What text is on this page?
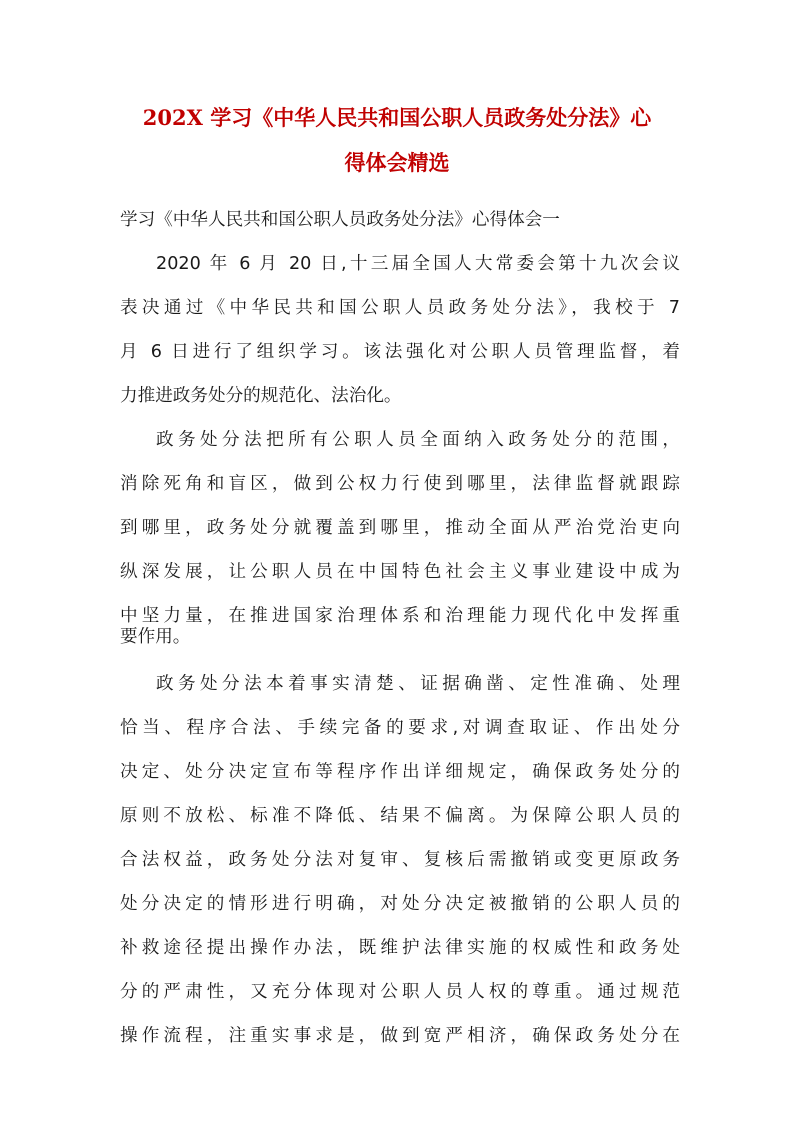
202X 学习《中华人民共和国公职人员政务处分法》心
得体会精选

学习《中华人民共和国公职人员政务处分法》心得体会一

2020 年 6 月 20 日,十三届全国人大常委会第十九次会议

表决通过《中华民共和国公职人员政务处分法》，我校于 7

月 6 日进行了组织学习。该法强化对公职人员管理监督，着

力推进政务处分的规范化、法治化。

政务处分法把所有公职人员全面纳入政务处分的范围，

消除死角和盲区，做到公权力行使到哪里，法律监督就跟踪

到哪里，政务处分就覆盖到哪里，推动全面从严治党治吏向

纵深发展，让公职人员在中国特色社会主义事业建设中成为

中坚力量，在推进国家治理体系和治理能力现代化中发挥重

要作用。

政务处分法本着事实清楚、证据确凿、定性准确、处理

恰当、程序合法、手续完备的要求,对调查取证、作出处分

决定、处分决定宣布等程序作出详细规定，确保政务处分的

原则不放松、标准不降低、结果不偏离。为保障公职人员的

合法权益，政务处分法对复审、复核后需撤销或变更原政务

处分决定的情形进行明确，对处分决定被撤销的公职人员的

补救途径提出操作办法，既维护法律实施的权威性和政务处

分的严肃性，又充分体现对公职人员人权的尊重。通过规范

操作流程，注重实事求是，做到宽严相济，确保政务处分在
